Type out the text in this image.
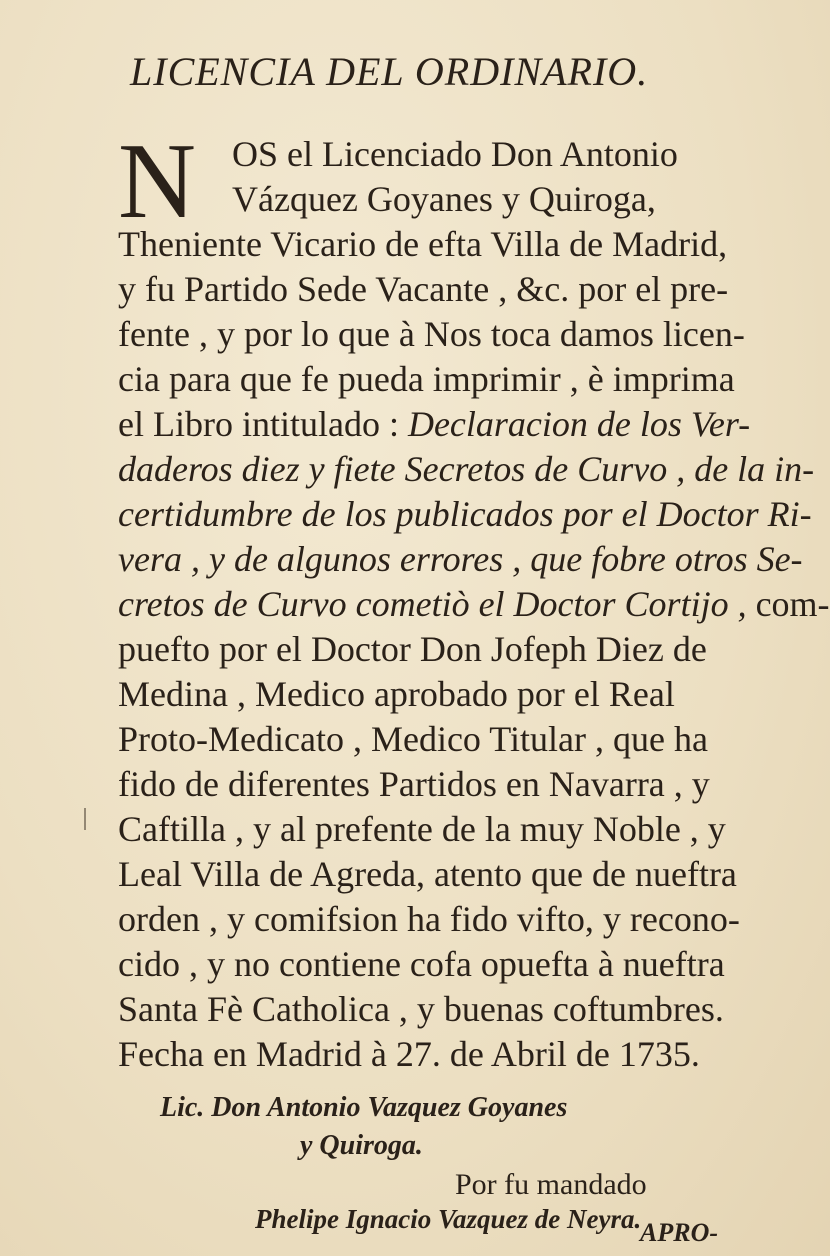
LICENCIA DEL ORDINARIO.
N OS el Licenciado Don Antonio
Vázquez Goyanes y Quiroga,
Theniente Vicario de efta Villa de Madrid,
y fu Partido Sede Vacante , &c. por el pre-
fente , y por lo que à Nos toca damos licen-
cia para que fe pueda imprimir , è imprima
el Libro intitulado : Declaracion de los Ver-
daderos diez y fiete Secretos de Curvo , de la in-
certidumbre de los publicados por el Doctor Ri-
vera , y de algunos errores , que fobre otros Se-
cretos de Curvo cometiò el Doctor Cortijo , com-
puefto por el Doctor Don Jofeph Diez de
Medina , Medico aprobado por el Real
Proto-Medicato , Medico Titular , que ha
fido de diferentes Partidos en Navarra , y
Caftilla , y al prefente de la muy Noble , y
Leal Villa de Agreda, atento que de nueftra
orden , y comifsion ha fido vifto, y recono-
cido , y no contiene cofa opuefta à nueftra
Santa Fè Catholica , y buenas coftumbres.
Fecha en Madrid à 27. de Abril de 1735.
Lic. Don Antonio Vazquez Goyanes
y Quiroga.
Por fu mandado
Phelipe Ignacio Vazquez de Neyra.
APRO-
